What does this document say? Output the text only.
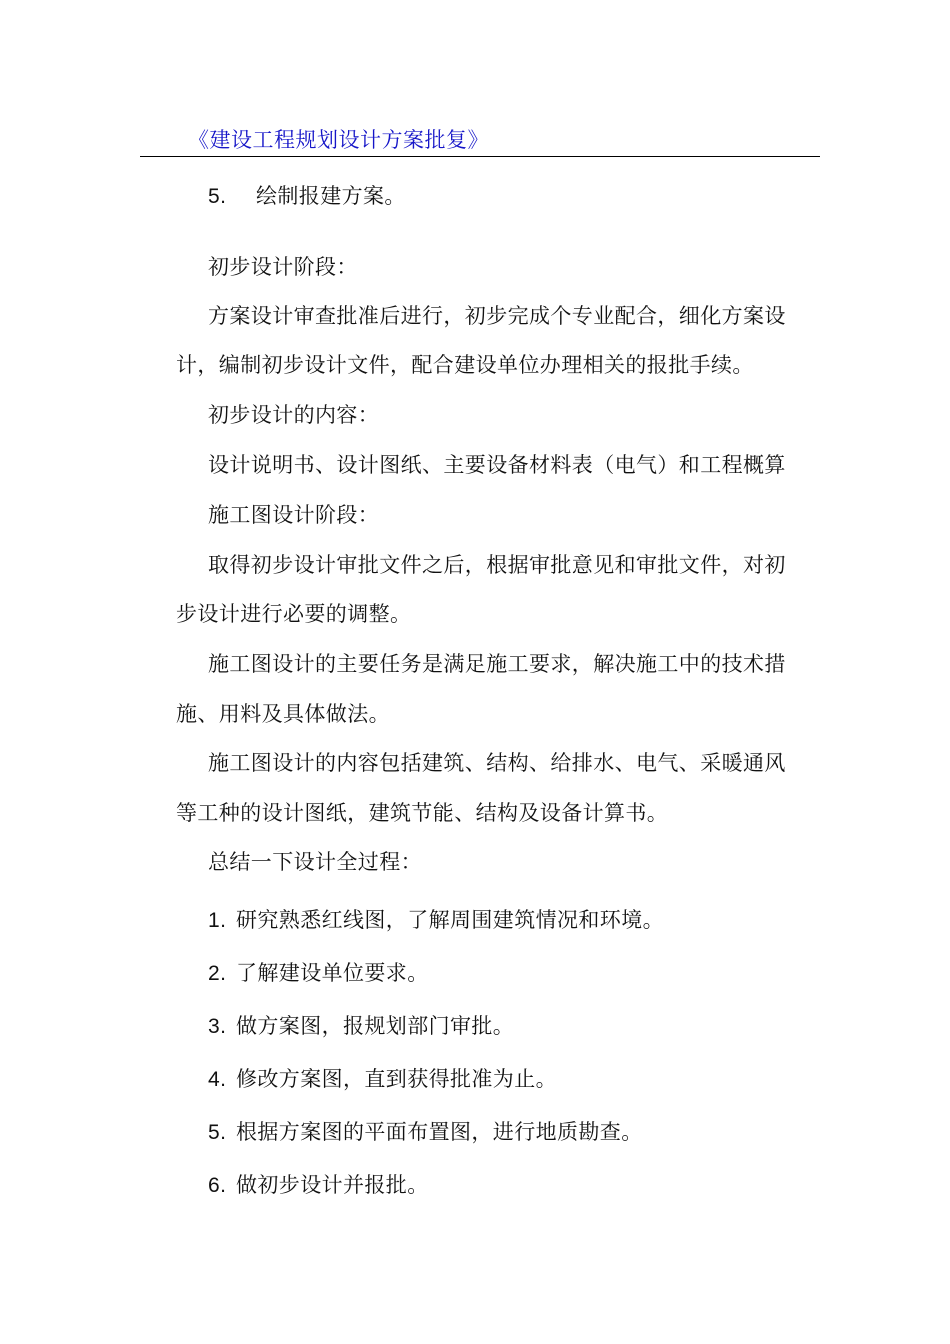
《建设工程规划设计方案批复》
5. 绘制报建方案。
初步设计阶段：
方案设计审查批准后进行，初步完成个专业配合，细化方案设
计，编制初步设计文件，配合建设单位办理相关的报批手续。
初步设计的内容：
设计说明书、设计图纸、主要设备材料表（电气）和工程概算
施工图设计阶段：
取得初步设计审批文件之后，根据审批意见和审批文件，对初
步设计进行必要的调整。
施工图设计的主要任务是满足施工要求，解决施工中的技术措
施、用料及具体做法。
施工图设计的内容包括建筑、结构、给排水、电气、采暖通风
等工种的设计图纸，建筑节能、结构及设备计算书。
总结一下设计全过程：
1. 研究熟悉红线图，了解周围建筑情况和环境。
2. 了解建设单位要求。
3. 做方案图，报规划部门审批。
4. 修改方案图，直到获得批准为止。
5. 根据方案图的平面布置图，进行地质勘查。
6. 做初步设计并报批。
